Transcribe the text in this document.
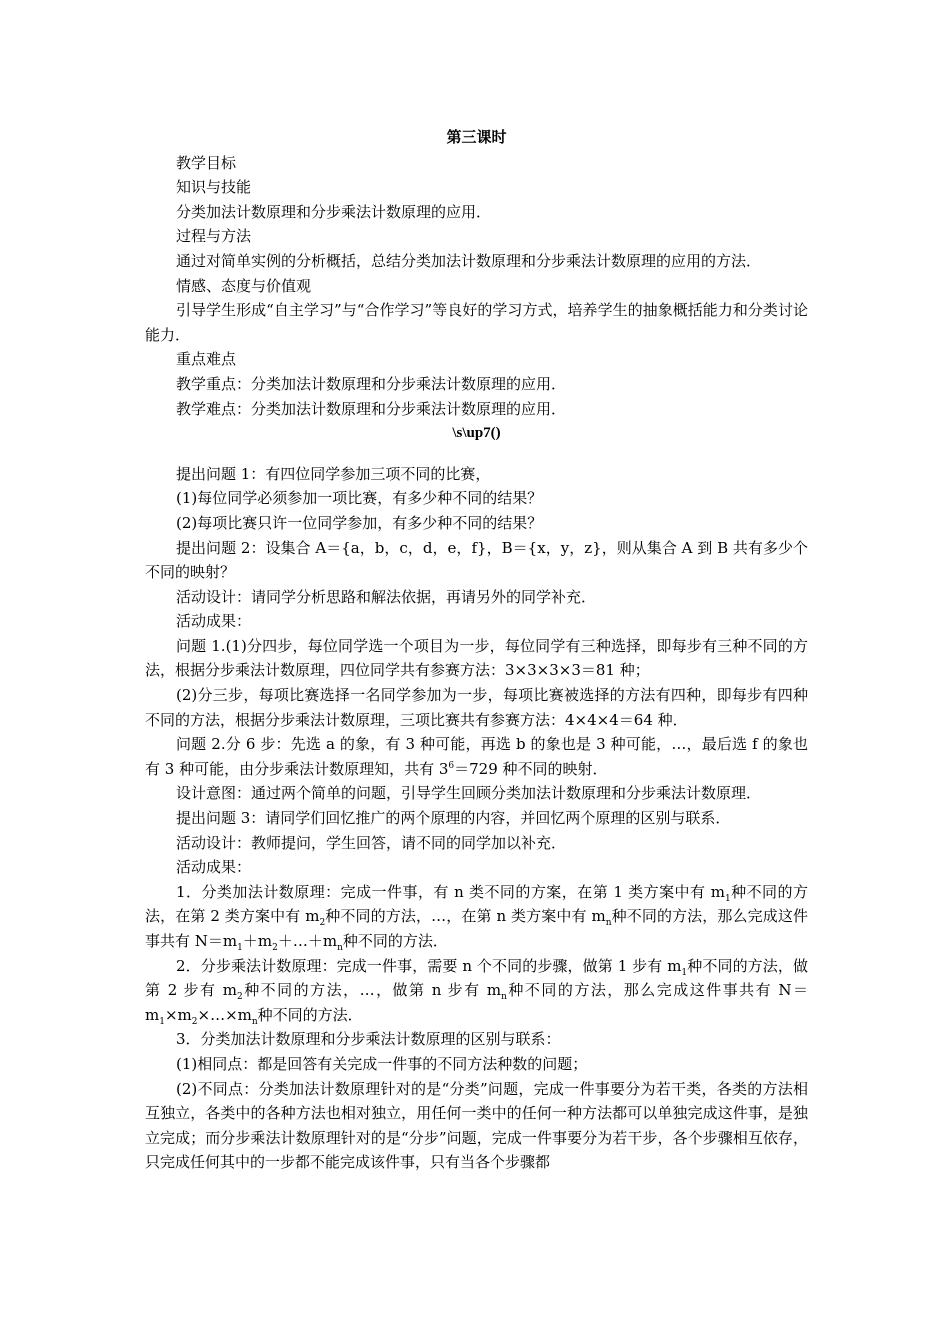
第三课时

教学目标

知识与技能

分类加法计数原理和分步乘法计数原理的应用．

过程与方法

通过对简单实例的分析概括，总结分类加法计数原理和分步乘法计数原理的应用的方法．

情感、态度与价值观

引导学生形成“自主学习”与“合作学习”等良好的学习方式，培养学生的抽象概括能力和分类讨论能力．

重点难点

教学重点：分类加法计数原理和分步乘法计数原理的应用．

教学难点：分类加法计数原理和分步乘法计数原理的应用．

\s\up7()

提出问题 1：有四位同学参加三项不同的比赛，

(1)每位同学必须参加一项比赛，有多少种不同的结果？

(2)每项比赛只许一位同学参加，有多少种不同的结果？

提出问题 2：设集合 A＝{a，b，c，d，e，f}，B＝{x，y，z}，则从集合 A 到 B 共有多少个不同的映射？

活动设计：请同学分析思路和解法依据，再请另外的同学补充．

活动成果：

问题 1.(1)分四步，每位同学选一个项目为一步，每位同学有三种选择，即每步有三种不同的方法，根据分步乘法计数原理，四位同学共有参赛方法：3×3×3×3＝81 种；

(2)分三步，每项比赛选择一名同学参加为一步，每项比赛被选择的方法有四种，即每步有四种不同的方法，根据分步乘法计数原理，三项比赛共有参赛方法：4×4×4＝64 种．

问题 2.分 6 步：先选 a 的象，有 3 种可能，再选 b 的象也是 3 种可能，…，最后选 f 的象也有 3 种可能，由分步乘法计数原理知，共有 $3^6=729$ 种不同的映射．

设计意图：通过两个简单的问题，引导学生回顾分类加法计数原理和分步乘法计数原理．

提出问题 3：请同学们回忆推广的两个原理的内容，并回忆两个原理的区别与联系．

活动设计：教师提问，学生回答，请不同的同学加以补充．

活动成果：

1．分类加法计数原理：完成一件事，有 n 类不同的方案，在第 1 类方案中有 $m_1$种不同的方法，在第 2 类方案中有 $m_2$种不同的方法，…，在第 n 类方案中有 $m_n$种不同的方法，那么完成这件事共有 $N=m_1+m_2+\dots+m_n$种不同的方法．

2．分步乘法计数原理：完成一件事，需要 n 个不同的步骤，做第 1 步有 $m_1$种不同的方法，做第 2 步有 $m_2$种不同的方法，…，做第 n 步有 $m_n$种不同的方法，那么完成这件事共有 $N=m_1\times m_2\times\dots\times m_n$种不同的方法．

3．分类加法计数原理和分步乘法计数原理的区别与联系：

(1)相同点：都是回答有关完成一件事的不同方法种数的问题；

(2)不同点：分类加法计数原理针对的是“分类”问题，完成一件事要分为若干类，各类的方法相互独立，各类中的各种方法也相对独立，用任何一类中的任何一种方法都可以单独完成这件事，是独立完成；而分步乘法计数原理针对的是“分步”问题，完成一件事要分为若干步，各个步骤相互依存，只完成任何其中的一步都不能完成该件事，只有当各个步骤都
